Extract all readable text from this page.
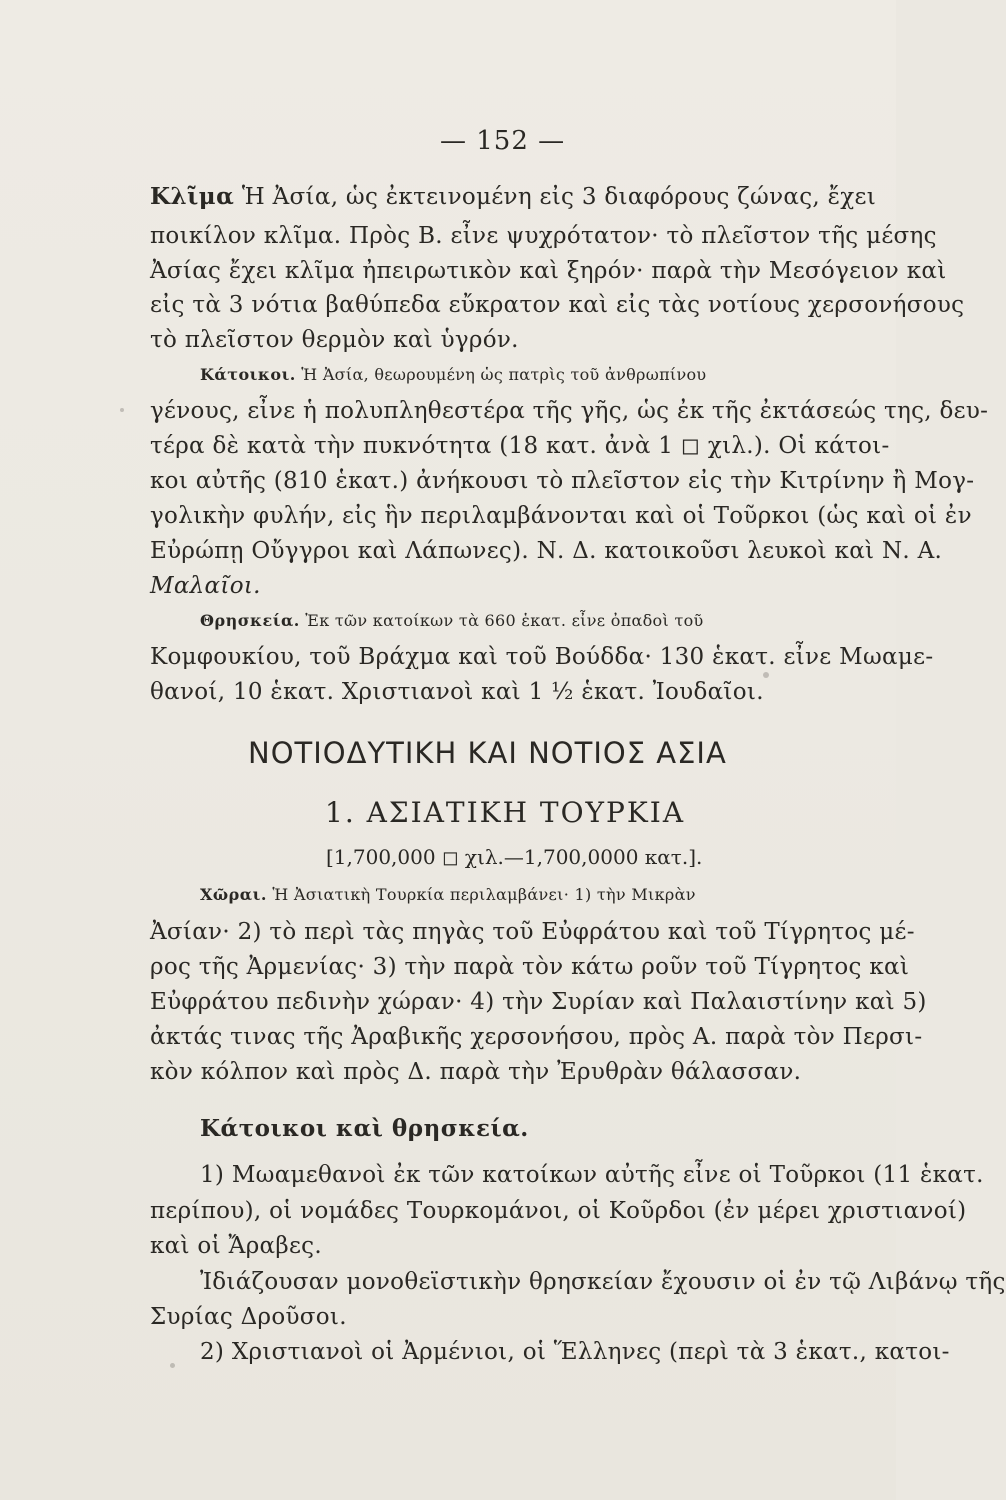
— 152 —
Κλῖμα Ἡ Ἀσία, ὡς ἐκτεινομένη εἰς 3 διαφόρους ζώνας, ἔχει
ποικίλον κλῖμα. Πρὸς Β. εἶνε ψυχρότατον· τὸ πλεῖστον τῆς μέσης
Ἀσίας ἔχει κλῖμα ἠπειρωτικὸν καὶ ξηρόν· παρὰ τὴν Μεσόγειον καὶ
εἰς τὰ 3 νότια βαθύπεδα εὔκρατον καὶ εἰς τὰς νοτίους χερσονήσους
τὸ πλεῖστον θερμὸν καὶ ὑγρόν.
Κάτοικοι. Ἡ Ἀσία, θεωρουμένη ὡς πατρὶς τοῦ ἀνθρωπίνου
γένους, εἶνε ἡ πολυπληθεστέρα τῆς γῆς, ὡς ἐκ τῆς ἐκτάσεώς της, δευ-
τέρα δὲ κατὰ τὴν πυκνότητα (18 κατ. ἀνὰ 1 ◻ χιλ.). Οἱ κάτοι-
κοι αὐτῆς (810 ἑκατ.) ἀνήκουσι τὸ πλεῖστον εἰς τὴν Κιτρίνην ἢ Μογ-
γολικὴν φυλήν, εἰς ἣν περιλαμβάνονται καὶ οἱ Τοῦρκοι (ὡς καὶ οἱ ἐν
Εὐρώπῃ Οὔγγροι καὶ Λάπωνες). Ν. Δ. κατοικοῦσι λευκοὶ καὶ Ν. Α.
Μαλαῖοι.
Θρησκεία. Ἐκ τῶν κατοίκων τὰ 660 ἑκατ. εἶνε ὀπαδοὶ τοῦ
Κομφουκίου, τοῦ Βράχμα καὶ τοῦ Βούδδα· 130 ἑκατ. εἶνε Μωαμε-
θανοί, 10 ἑκατ. Χριστιανοὶ καὶ 1 ½ ἑκατ. Ἰουδαῖοι.
ΝΟΤΙΟΔΥΤΙΚΗ ΚΑΙ ΝΟΤΙΟΣ ΑΣΙΑ
1. ΑΣΙΑΤΙΚΗ ΤΟΥΡΚΙΑ
[1,700,000 ◻ χιλ.—1,700,0000 κατ.].
Χῶραι. Ἡ Ἀσιατικὴ Τουρκία περιλαμβάνει· 1) τὴν Μικρὰν
Ἀσίαν· 2) τὸ περὶ τὰς πηγὰς τοῦ Εὐφράτου καὶ τοῦ Τίγρητος μέ-
ρος τῆς Ἀρμενίας· 3) τὴν παρὰ τὸν κάτω ροῦν τοῦ Τίγρητος καὶ
Εὐφράτου πεδινὴν χώραν· 4) τὴν Συρίαν καὶ Παλαιστίνην καὶ 5)
ἀκτάς τινας τῆς Ἀραβικῆς χερσονήσου, πρὸς Α. παρὰ τὸν Περσι-
κὸν κόλπον καὶ πρὸς Δ. παρὰ τὴν Ἐρυθρὰν θάλασσαν.
Κάτοικοι καὶ θρησκεία.
1) Μωαμεθανοὶ ἐκ τῶν κατοίκων αὐτῆς εἶνε οἱ Τοῦρκοι (11 ἑκατ.
περίπου), οἱ νομάδες Τουρκομάνοι, οἱ Κοῦρδοι (ἐν μέρει χριστιανοί)
καὶ οἱ Ἄραβες.
Ἰδιάζουσαν μονοθεϊστικὴν θρησκείαν ἔχουσιν οἱ ἐν τῷ Λιβάνῳ τῆς
Συρίας Δροῦσοι.
2) Χριστιανοὶ οἱ Ἀρμένιοι, οἱ Ἕλληνες (περὶ τὰ 3 ἑκατ., κατοι-
